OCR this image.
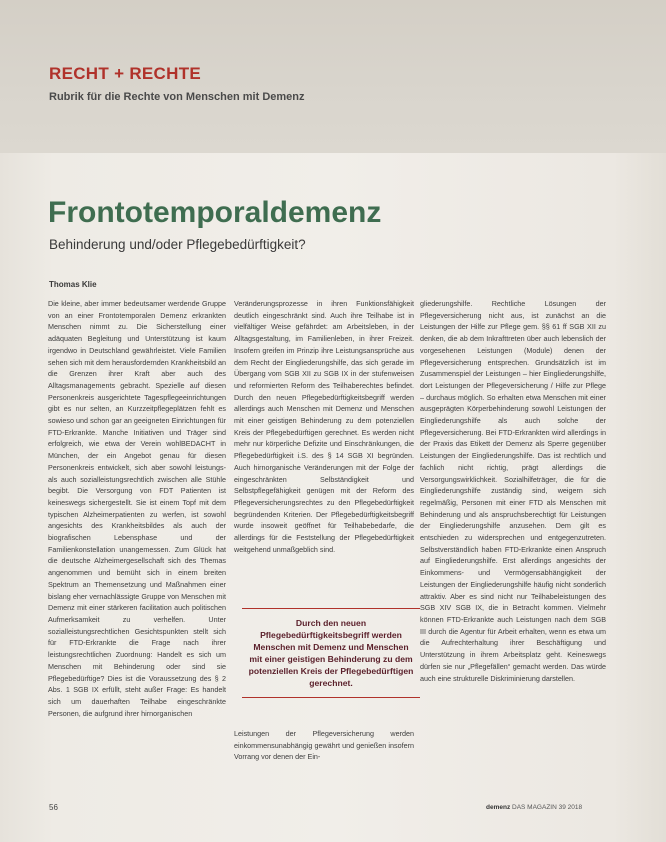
RECHT + RECHTE
Rubrik für die Rechte von Menschen mit Demenz
Frontotemporaldemenz
Behinderung und/oder Pflegebedürftigkeit?
Thomas Klie
Die kleine, aber immer bedeutsamer werdende Gruppe von an einer Frontotemporalen Demenz erkrankten Menschen nimmt zu. Die Sicherstellung einer adäquaten Begleitung und Unterstützung ist kaum irgendwo in Deutschland gewährleistet. Viele Familien sehen sich mit dem herausfordernden Krankheitsbild an die Grenzen ihrer Kraft aber auch des Alltagsmanagements gebracht. Spezielle auf diesen Personenkreis ausgerichtete Tagespflegeeinrichtungen gibt es nur selten, an Kurzzeitpflegeplätzen fehlt es sowieso und schon gar an geeigneten Einrichtungen für FTD-Erkrankte. Manche Initiativen und Träger sind erfolgreich, wie etwa der Verein wohlBEDACHT in München, der ein Angebot genau für diesen Personenkreis entwickelt, sich aber sowohl leistungs- als auch sozialleistungsrechtlich zwischen alle Stühle begibt. Die Versorgung von FDT Patienten ist keineswegs sichergestellt. Sie ist einem Topf mit dem typischen Alzheimerpatienten zu werfen, ist sowohl angesichts des Krankheitsbildes als auch der biografischen Lebensphase und der Familienkonstellation unangemessen. Zum Glück hat die deutsche Alzheimergesellschaft sich des Themas angenommen und bemüht sich in einem breiten Spektrum an Themensetzung und Maßnahmen einer bislang eher vernachlässigte Gruppe von Menschen mit Demenz mit einer stärkeren facilitation auch politischen Aufmerksamkeit zu verhelfen. Unter sozialleistungsrechtlichen Gesichtspunkten stellt sich für FTD-Erkrankte die Frage nach ihrer leistungsrechtlichen Zuordnung: Handelt es sich um Menschen mit Behinderung oder sind sie Pflegebedürftige? Dies ist die Voraussetzung des § 2 Abs. 1 SGB IX erfüllt, steht außer Frage: Es handelt sich um dauerhaften Teilhabe eingeschränkte Personen, die aufgrund ihrer hirnorganischen
Veränderungsprozesse in ihren Funktionsfähigkeit deutlich eingeschränkt sind. Auch ihre Teilhabe ist in vielfältiger Weise gefährdet: am Arbeitsleben, in der Alltagsgestaltung, im Familienleben, in ihrer Freizeit. Insofern greifen im Prinzip ihre Leistungsansprüche aus dem Recht der Eingliederungshilfe, das sich gerade im Übergang vom SGB XII zu SGB IX in der stufenweisen und reformierten Reform des Teilhaberechtes befindet. Durch den neuen Pflegebedürftigkeitsbegriff werden allerdings auch Menschen mit Demenz und Menschen mit einer geistigen Behinderung zu dem potenziellen Kreis der Pflegebedürftigen gerechnet. Es werden nicht mehr nur körperliche Defizite und Einschränkungen, die Pflegebedürftigkeit i.S. des § 14 SGB XI begründen. Auch hirnorganische Veränderungen mit der Folge der eingeschränkten Selbständigkeit und Selbstpflegefähigkeit genügen mit der Reform des Pflegeversicherungsrechtes zu den Pflegebedürftigkeit begründenden Kriterien. Der Pflegebedürftigkeitsbegriff wurde insoweit geöffnet für Teilhabebedarfe, die allerdings für die Feststellung der Pflegebedürftigkeit weitgehend unmaßgeblich sind.
Durch den neuen Pflegebedürftigkeitsbegriff werden Menschen mit Demenz und Menschen mit einer geistigen Behinderung zu dem potenziellen Kreis der Pflegebedürftigen gerechnet.
Leistungen der Pflegeversicherung werden einkommensunabhängig gewährt und genießen insofern Vorrang vor denen der Ein-
gliederungshilfe. Rechtliche Lösungen der Pflegeversicherung nicht aus, ist zunächst an die Leistungen der Hilfe zur Pflege gem. §§ 61 ff SGB XII zu denken, die ab dem Inkrafttreten über auch lebenslich der vorgesehenen Leistungen (Module) denen der Pflegeversicherung entsprechen. Grundsätzlich ist im Zusammenspiel der Leistungen – hier Eingliederungshilfe, dort Leistungen der Pflegeversicherung / Hilfe zur Pflege – durchaus möglich. So erhalten etwa Menschen mit einer ausgeprägten Körperbehinderung sowohl Leistungen der Eingliederungshilfe als auch solche der Pflegeversicherung. Bei FTD-Erkrankten wird allerdings in der Praxis das Etikett der Demenz als Sperre gegenüber Leistungen der Eingliederungshilfe. Das ist rechtlich und fachlich nicht richtig, prägt allerdings die Versorgungswirklichkeit. Sozialhilfeträger, die für die Eingliederungshilfe zuständig sind, weigern sich regelmäßig, Personen mit einer FTD als Menschen mit Behinderung und als anspruchsberechtigt für Leistungen der Eingliederungshilfe anzusehen. Dem gilt es entschieden zu widersprechen und entgegenzutreten. Selbstverständlich haben FTD-Erkrankte einen Anspruch auf Eingliederungshilfe. Erst allerdings angesichts der Einkommens- und Vermögensabhängigkeit der Leistungen der Eingliederungshilfe häufig nicht sonderlich attraktiv. Aber es sind nicht nur Teilhabeleistungen des SGB XIV SGB IX, die in Betracht kommen. Vielmehr können FTD-Erkrankte auch Leistungen nach dem SGB III durch die Agentur für Arbeit erhalten, wenn es etwa um die Aufrechterhaltung ihrer Beschäftigung und Unterstützung in ihrem Arbeitsplatz geht. Keineswegs dürfen sie nur „Pflegefällen“ gemacht werden. Das würde auch eine strukturelle Diskriminierung darstellen.
56	demenz DAS MAGAZIN 39 2018
